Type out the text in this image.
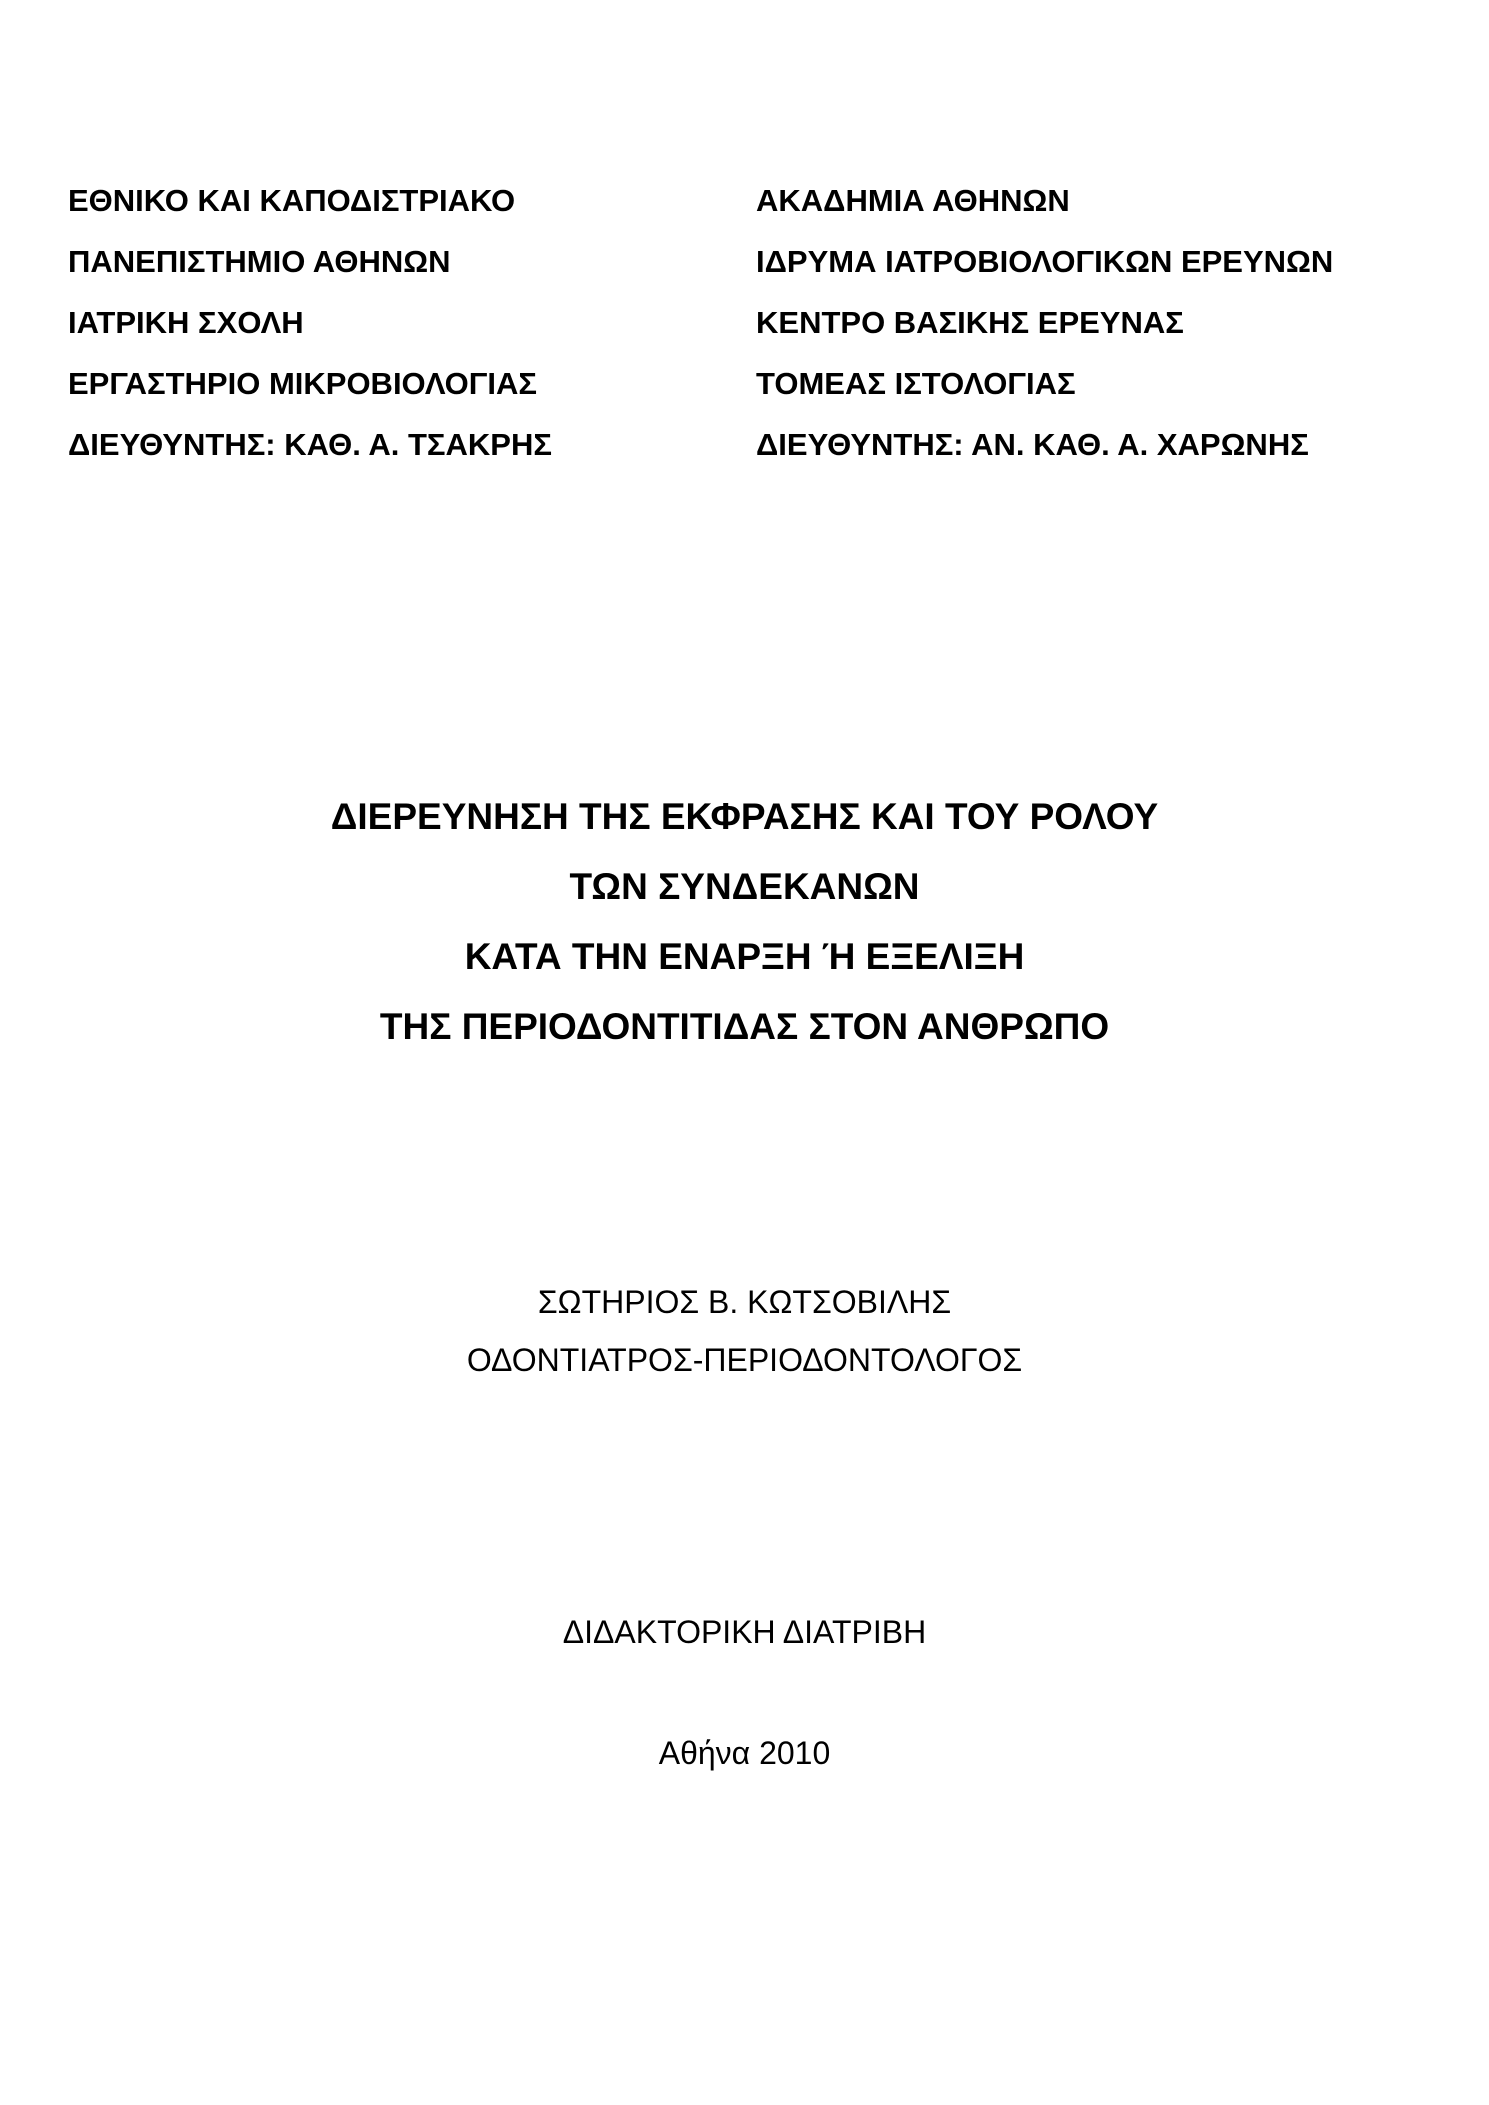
ΕΘΝΙΚΟ ΚΑΙ ΚΑΠΟΔΙΣΤΡΙΑΚΟ
ΠΑΝΕΠΙΣΤΗΜΙΟ ΑΘΗΝΩΝ
ΙΑΤΡΙΚΗ ΣΧΟΛΗ
ΕΡΓΑΣΤΗΡΙΟ ΜΙΚΡΟΒΙΟΛΟΓΙΑΣ
ΔΙΕΥΘΥΝΤΗΣ: ΚΑΘ. Α. ΤΣΑΚΡΗΣ
ΑΚΑΔΗΜΙΑ ΑΘΗΝΩΝ
ΙΔΡΥΜΑ ΙΑΤΡΟΒΙΟΛΟΓΙΚΩΝ ΕΡΕΥΝΩΝ
ΚΕΝΤΡΟ ΒΑΣΙΚΗΣ ΕΡΕΥΝΑΣ
ΤΟΜΕΑΣ ΙΣΤΟΛΟΓΙΑΣ
ΔΙΕΥΘΥΝΤΗΣ: ΑΝ. ΚΑΘ. Α. ΧΑΡΩΝΗΣ
ΔΙΕΡΕΥΝΗΣΗ ΤΗΣ ΕΚΦΡΑΣΗΣ ΚΑΙ ΤΟΥ ΡΟΛΟΥ
ΤΩΝ ΣΥΝΔΕΚΑΝΩΝ
ΚΑΤΑ ΤΗΝ ΕΝΑΡΞΗ Ή ΕΞΕΛΙΞΗ
ΤΗΣ ΠΕΡΙΟΔΟΝΤΙΤΙΔΑΣ ΣΤΟΝ ΑΝΘΡΩΠΟ
ΣΩΤΗΡΙΟΣ Β. ΚΩΤΣΟΒΙΛΗΣ
ΟΔΟΝΤΙΑΤΡΟΣ-ΠΕΡΙΟΔΟΝΤΟΛΟΓΟΣ
ΔΙΔΑΚΤΟΡΙΚΗ ΔΙΑΤΡΙΒΗ
Αθήνα 2010
